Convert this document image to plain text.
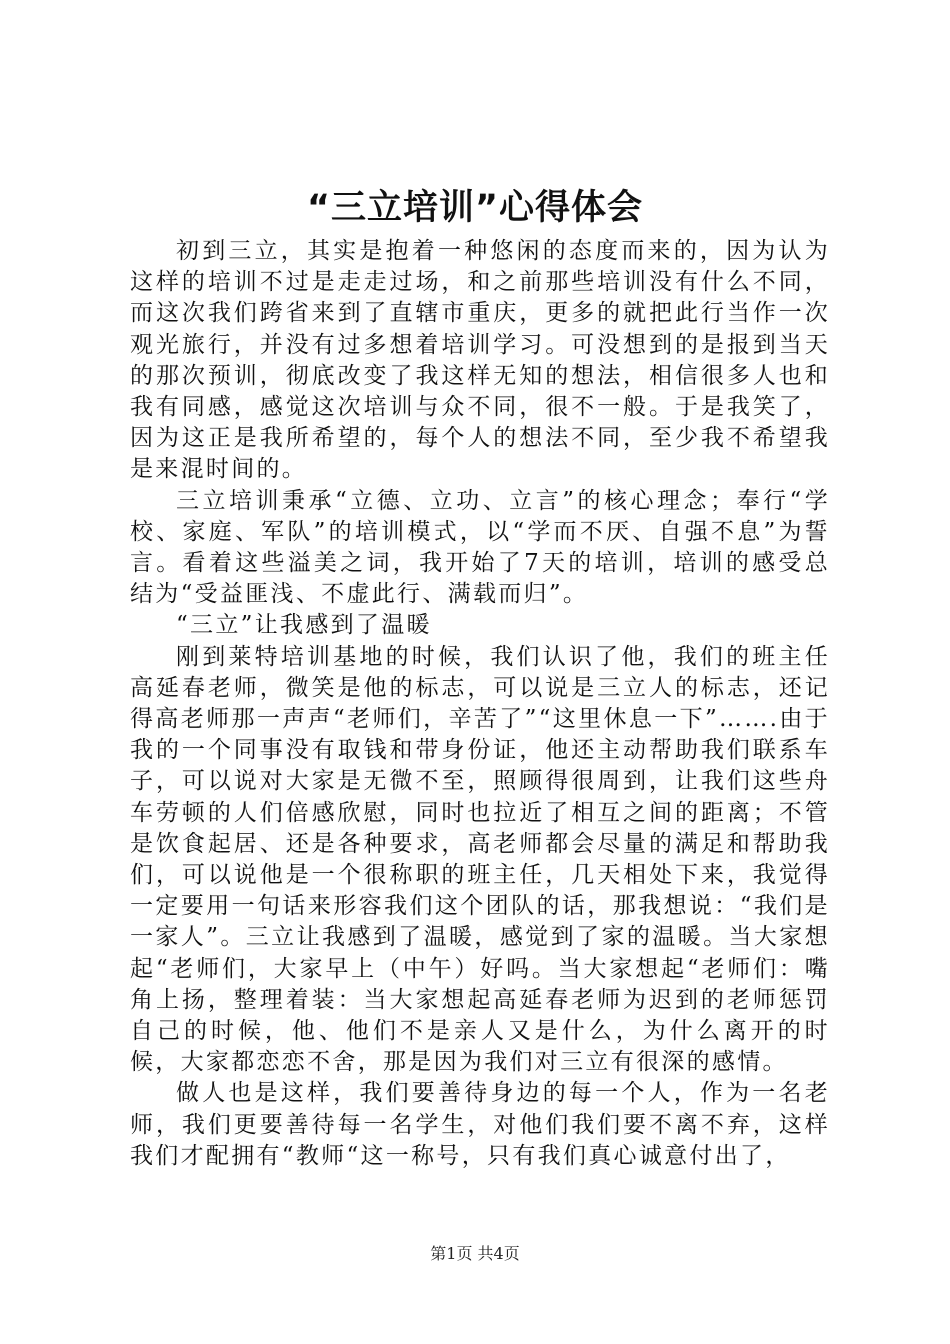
“三立培训”心得体会

初到三立，其实是抱着一种悠闲的态度而来的，因为认为这样的培训不过是走走过场，和之前那些培训没有什么不同，而这次我们跨省来到了直辖市重庆，更多的就把此行当作一次观光旅行，并没有过多想着培训学习。可没想到的是报到当天的那次预训，彻底改变了我这样无知的想法，相信很多人也和我有同感，感觉这次培训与众不同，很不一般。于是我笑了，因为这正是我所希望的，每个人的想法不同，至少我不希望我是来混时间的。

三立培训秉承“立德、立功、立言”的核心理念；奉行“学校、家庭、军队”的培训模式，以“学而不厌、自强不息”为誓言。看着这些溢美之词，我开始了7天的培训，培训的感受总结为“受益匪浅、不虚此行、满载而归”。

“三立”让我感到了温暖

刚到莱特培训基地的时候，我们认识了他，我们的班主任高延春老师，微笑是他的标志，可以说是三立人的标志，还记得高老师那一声声“老师们，辛苦了”“这里休息一下”…….由于我的一个同事没有取钱和带身份证，他还主动帮助我们联系车子，可以说对大家是无微不至，照顾得很周到，让我们这些舟车劳顿的人们倍感欣慰，同时也拉近了相互之间的距离；不管是饮食起居、还是各种要求，高老师都会尽量的满足和帮助我们，可以说他是一个很称职的班主任，几天相处下来，我觉得一定要用一句话来形容我们这个团队的话，那我想说：“我们是一家人”。三立让我感到了温暖，感觉到了家的温暖。当大家想起“老师们，大家早上（中午）好吗。当大家想起“老师们：嘴角上扬，整理着装：当大家想起高延春老师为迟到的老师惩罚自己的时候，他、他们不是亲人又是什么，为什么离开的时候，大家都恋恋不舍，那是因为我们对三立有很深的感情。

做人也是这样，我们要善待身边的每一个人，作为一名老师，我们更要善待每一名学生，对他们我们要不离不弃，这样我们才配拥有“教师“这一称号，只有我们真心诚意付出了，

第1页 共4页
